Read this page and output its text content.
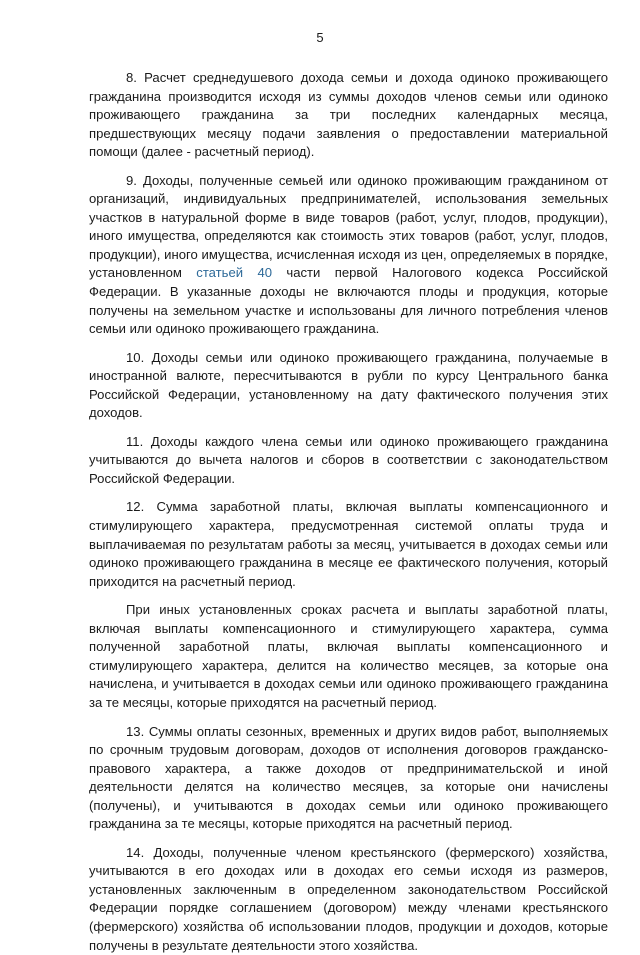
5

8. Расчет среднедушевого дохода семьи и дохода одиноко проживающего гражданина производится исходя из суммы доходов членов семьи или одиноко проживающего гражданина за три последних календарных месяца, предшествующих месяцу подачи заявления о предоставлении материальной помощи (далее - расчетный период).

9. Доходы, полученные семьей или одиноко проживающим гражданином от организаций, индивидуальных предпринимателей, использования земельных участков в натуральной форме в виде товаров (работ, услуг, плодов, продукции), иного имущества, определяются как стоимость этих товаров (работ, услуг, плодов, продукции), иного имущества, исчисленная исходя из цен, определяемых в порядке, установленном статьей 40 части первой Налогового кодекса Российской Федерации. В указанные доходы не включаются плоды и продукция, которые получены на земельном участке и использованы для личного потребления членов семьи или одиноко проживающего гражданина.

10. Доходы семьи или одиноко проживающего гражданина, получаемые в иностранной валюте, пересчитываются в рубли по курсу Центрального банка Российской Федерации, установленному на дату фактического получения этих доходов.

11. Доходы каждого члена семьи или одиноко проживающего гражданина учитываются до вычета налогов и сборов в соответствии с законодательством Российской Федерации.

12. Сумма заработной платы, включая выплаты компенсационного и стимулирующего характера, предусмотренная системой оплаты труда и выплачиваемая по результатам работы за месяц, учитывается в доходах семьи или одиноко проживающего гражданина в месяце ее фактического получения, который приходится на расчетный период.

При иных установленных сроках расчета и выплаты заработной платы, включая выплаты компенсационного и стимулирующего характера, сумма полученной заработной платы, включая выплаты компенсационного и стимулирующего характера, делится на количество месяцев, за которые она начислена, и учитывается в доходах семьи или одиноко проживающего гражданина за те месяцы, которые приходятся на расчетный период.

13. Суммы оплаты сезонных, временных и других видов работ, выполняемых по срочным трудовым договорам, доходов от исполнения договоров гражданско-правового характера, а также доходов от предпринимательской и иной деятельности делятся на количество месяцев, за которые они начислены (получены), и учитываются в доходах семьи или одиноко проживающего гражданина за те месяцы, которые приходятся на расчетный период.

14. Доходы, полученные членом крестьянского (фермерского) хозяйства, учитываются в его доходах или в доходах его семьи исходя из размеров, установленных заключенным в определенном законодательством Российской Федерации порядке соглашением (договором) между членами крестьянского (фермерского) хозяйства об использовании плодов, продукции и доходов, которые получены в результате деятельности этого хозяйства.
